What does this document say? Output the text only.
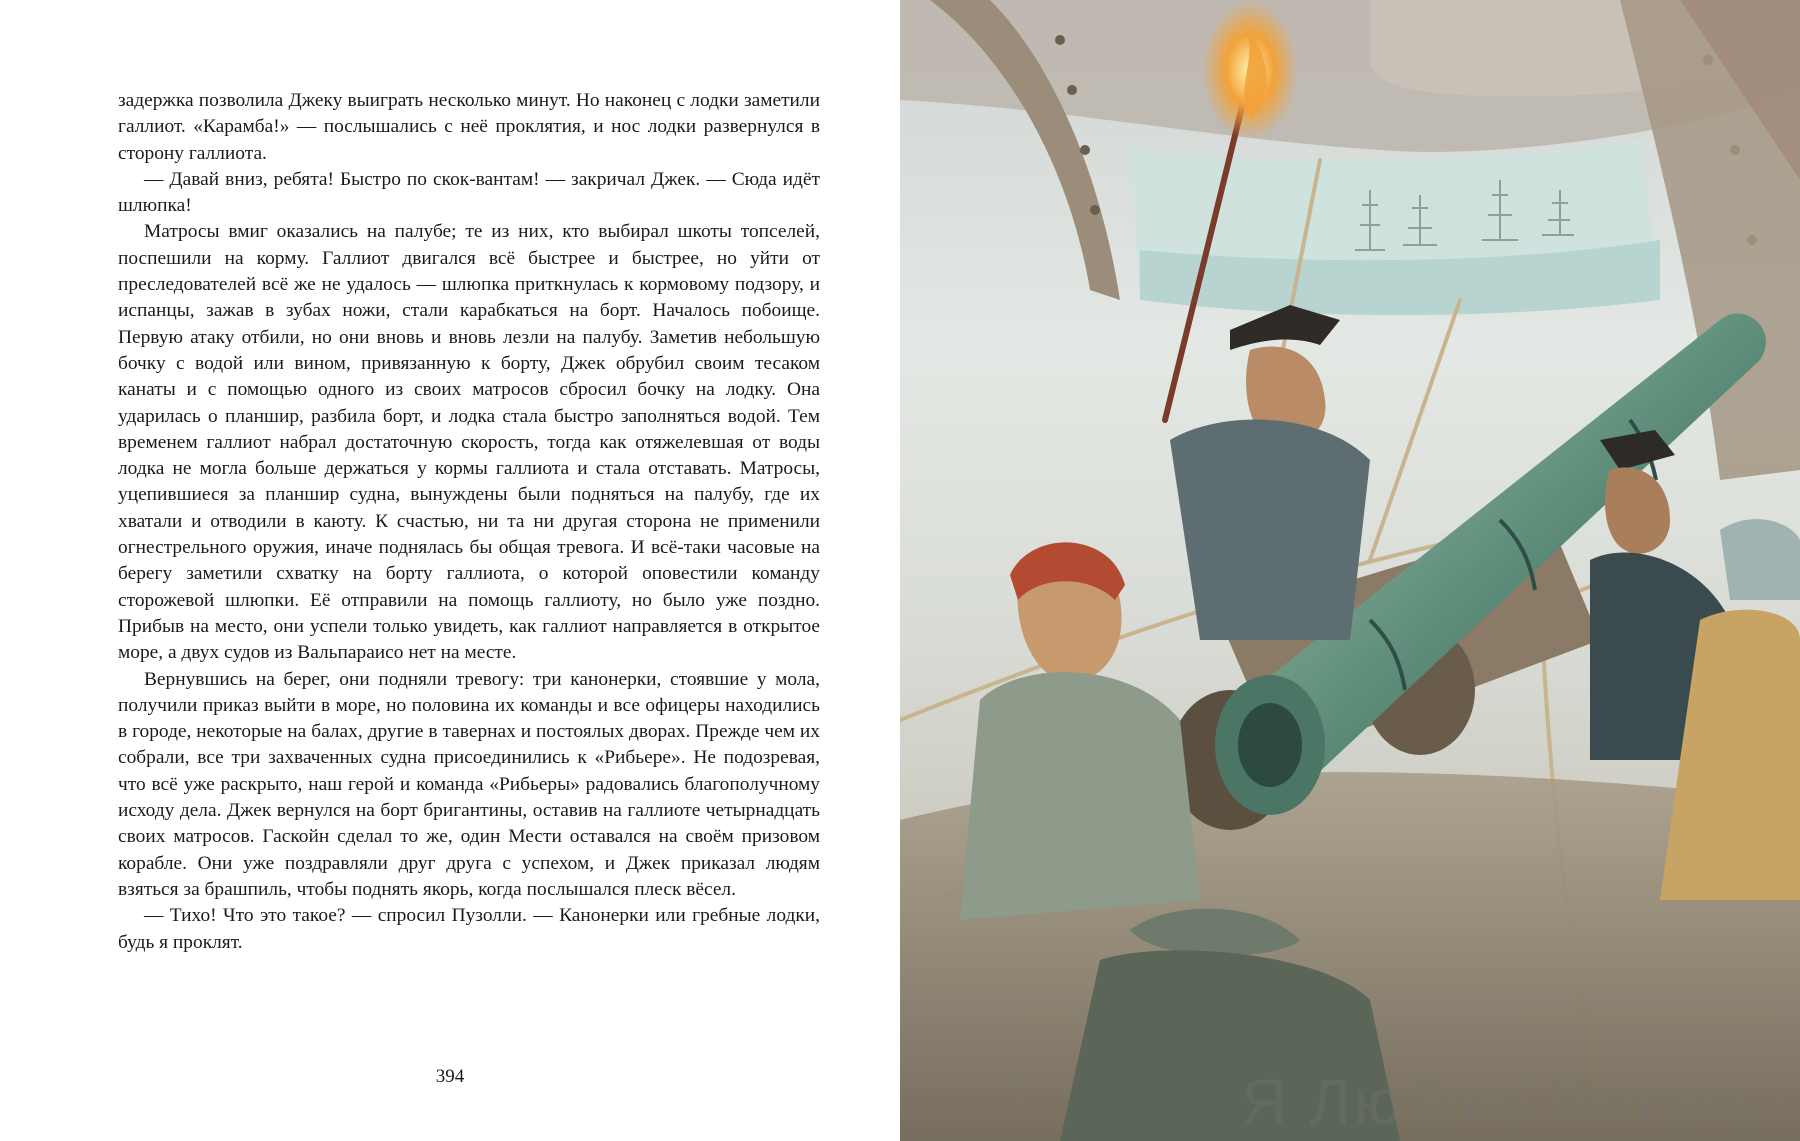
задержка позволила Джеку выиграть несколько минут. Но наконец с лодки заметили галлиот. «Карамба!» — послышались с неё проклятия, и нос лодки развернулся в сторону галлиота.

— Давай вниз, ребята! Быстро по скок-вантам! — закричал Джек. — Сюда идёт шлюпка!

Матросы вмиг оказались на палубе; те из них, кто выбирал шкоты топселей, поспешили на корму. Галлиот двигался всё быстрее и быстрее, но уйти от преследователей всё же не удалось — шлюпка приткнулась к кормовому подзору, и испанцы, зажав в зубах ножи, стали карабкаться на борт. Началось побоище. Первую атаку отбили, но они вновь и вновь лезли на палубу. Заметив небольшую бочку с водой или вином, привязанную к борту, Джек обрубил своим тесаком канаты и с помощью одного из своих матросов сбросил бочку на лодку. Она ударилась о планшир, разбила борт, и лодка стала быстро заполняться водой. Тем временем галлиот набрал достаточную скорость, тогда как отяжелевшая от воды лодка не могла больше держаться у кормы галлиота и стала отставать. Матросы, уцепившиеся за планшир судна, вынуждены были подняться на палубу, где их хватали и отводили в каюту. К счастью, ни та ни другая сторона не применили огнестрельного оружия, иначе поднялась бы общая тревога. И всё-таки часовые на берегу заметили схватку на борту галлиота, о которой оповестили команду сторожевой шлюпки. Её отправили на помощь галлиоту, но было уже поздно. Прибыв на место, они успели только увидеть, как галлиот направляется в открытое море, а двух судов из Вальпараисо нет на месте.

Вернувшись на берег, они подняли тревогу: три канонерки, стоявшие у мола, получили приказ выйти в море, но половина их команды и все офицеры находились в городе, некоторые на балах, другие в тавернах и постоялых дворах. Прежде чем их собрали, все три захваченных судна присоединились к «Рибьере». Не подозревая, что всё уже раскрыто, наш герой и команда «Рибьеры» радовались благополучному исходу дела. Джек вернулся на борт бригантины, оставив на галлиоте четырнадцать своих матросов. Гаскойн сделал то же, один Мести оставался на своём призовом корабле. Они уже поздравляли друг друга с успехом, и Джек приказал людям взяться за брашпиль, чтобы поднять якорь, когда послышался плеск вёсел.

— Тихо! Что это такое? — спросил Пузолли. — Канонерки или гребные лодки, будь я проклят.

394	Я Люблю Читать
